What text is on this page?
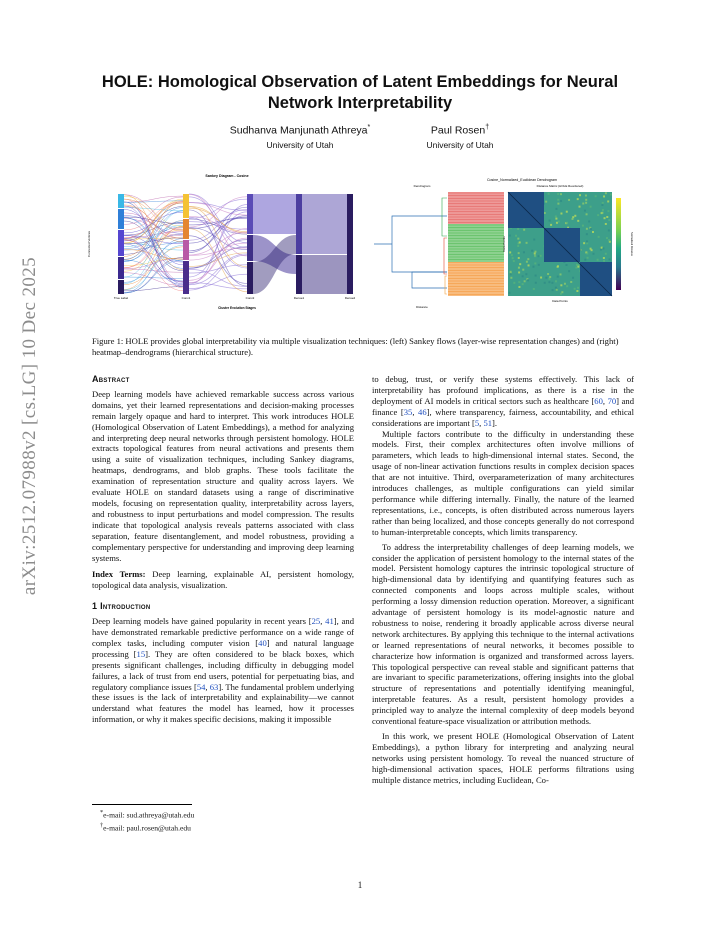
arXiv:2512.07988v2 [cs.LG] 10 Dec 2025
HOLE: Homological Observation of Latent Embeddings for Neural
Network Interpretability
Sudhanva Manjunath Athreya*
University of Utah
Paul Rosen†
University of Utah
Sankey Diagram - Cosine
Connected Vertices
True Label	Conv1	Conv2	Dense1	Dense2
Cluster Evolution Stages
Cosine_Normalized_Euclidean Dendrogram
Dendrogram	Distance Matrix (HOLE Reordered)
Distance
Data Points
Data Points
Normalized Distance
Figure 1: HOLE provides global interpretability via multiple visualization techniques: (left) Sankey flows (layer-wise representation changes) and (right) heatmap–dendrograms (hierarchical structure).
Abstract

Deep learning models have achieved remarkable success across various domains, yet their learned representations and decision-making processes remain largely opaque and hard to interpret. This work introduces HOLE (Homological Observation of Latent Embeddings), a method for analyzing and interpreting deep neural networks through persistent homology. HOLE extracts topological features from neural activations and presents them using a suite of visualization techniques, including Sankey diagrams, heatmaps, dendrograms, and blob graphs. These tools facilitate the examination of representation structure and quality across layers. We evaluate HOLE on standard datasets using a range of discriminative models, focusing on representation quality, interpretability across layers, and robustness to input perturbations and model compression. The results indicate that topological analysis reveals patterns associated with class separation, feature disentanglement, and model robustness, providing a complementary perspective for understanding and improving deep learning systems.

Index Terms: Deep learning, explainable AI, persistent homology, topological data analysis, visualization.

1 Introduction

Deep learning models have gained popularity in recent years [25, 41], and have demonstrated remarkable predictive performance on a wide range of complex tasks, including computer vision [40] and natural language processing [15]. They are often considered to be black boxes, which presents significant challenges, including difficulty in debugging model failures, a lack of trust from end users, potential for perpetuating bias, and regulatory compliance issues [54, 63]. The fundamental problem underlying these issues is the lack of interpretability and explainability—we cannot understand what features the model has learned, how it processes information, or why it makes specific decisions, making it impossible

*e-mail: sud.athreya@utah.edu
†e-mail: paul.rosen@utah.edu

to debug, trust, or verify these systems effectively. This lack of interpretability has profound implications, as there is a rise in the deployment of AI models in critical sectors such as healthcare [60, 70] and finance [35, 46], where transparency, fairness, accountability, and ethical considerations are important [5, 51].

Multiple factors contribute to the difficulty in understanding these models. First, their complex architectures often involve millions of parameters, which leads to high-dimensional internal states. Second, the usage of non-linear activation functions results in complex decision spaces that are not intuitive. Third, overparameterization of many architectures introduces challenges, as multiple configurations can yield similar performance while differing internally. Finally, the nature of the learned representations, i.e., concepts, is often distributed across numerous layers rather than being localized, and those concepts generally do not correspond to human-interpretable concepts, which limits transparency.

To address the interpretability challenges of deep learning models, we consider the application of persistent homology to the internal states of the model. Persistent homology captures the intrinsic topological structure of high-dimensional data by identifying and quantifying features such as connected components and loops across multiple scales, without performing a lossy dimension reduction operation. Moreover, a significant advantage of persistent homology is its model-agnostic nature and robustness to noise, rendering it broadly applicable across diverse neural network architectures. By applying this technique to the internal activations or learned representations of neural networks, it becomes possible to characterize how information is organized and transformed across layers. This topological perspective can reveal stable and significant patterns that are invariant to specific parameterizations, offering insights into the global structure of representations and potentially identifying meaningful, interpretable features. As a result, persistent homology provides a principled way to analyze the internal complexity of deep models beyond conventional feature-space visualization or attribution methods.

In this work, we present HOLE (Homological Observation of Latent Embeddings), a python library for interpreting and analyzing neural networks using persistent homology. To reveal the nuanced structure of high-dimensional activation spaces, HOLE performs filtrations using multiple distance metrics, including Euclidean, Co-

1
